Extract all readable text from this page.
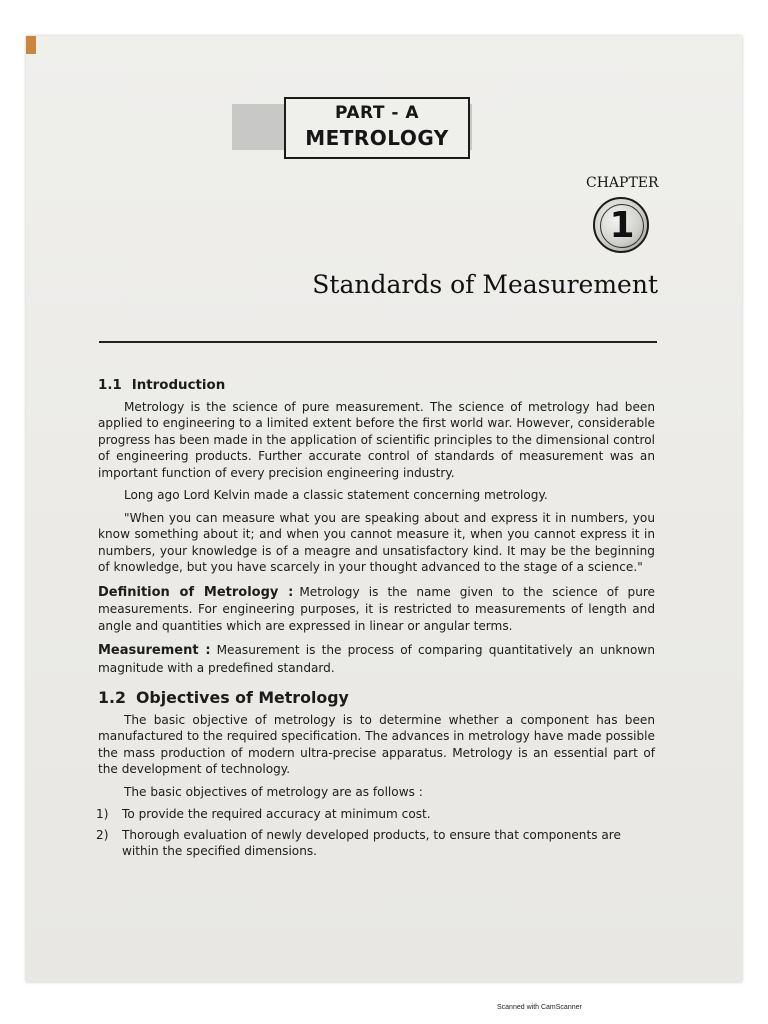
PART - A
METROLOGY
CHAPTER
1
Standards of Measurement
1.1 Introduction

Metrology is the science of pure measurement. The science of metrology had been applied to engineering to a limited extent before the first world war. However, considerable progress has been made in the application of scientific principles to the dimensional control of engineering products. Further accurate control of standards of measurement was an important function of every precision engineering industry.

Long ago Lord Kelvin made a classic statement concerning metrology.

"When you can measure what you are speaking about and express it in numbers, you know something about it; and when you cannot measure it, when you cannot express it in numbers, your knowledge is of a meagre and unsatisfactory kind. It may be the beginning of knowledge, but you have scarcely in your thought advanced to the stage of a science."

Definition of Metrology : Metrology is the name given to the science of pure measurements. For engineering purposes, it is restricted to measurements of length and angle and quantities which are expressed in linear or angular terms.

Measurement : Measurement is the process of comparing quantitatively an unknown magnitude with a predefined standard.

1.2 Objectives of Metrology

The basic objective of metrology is to determine whether a component has been manufactured to the required specification. The advances in metrology have made possible the mass production of modern ultra-precise apparatus. Metrology is an essential part of the development of technology.

The basic objectives of metrology are as follows :

1)	To provide the required accuracy at minimum cost.
2)	Thorough evaluation of newly developed products, to ensure that components are within the specified dimensions.
Scanned with CamScanner
